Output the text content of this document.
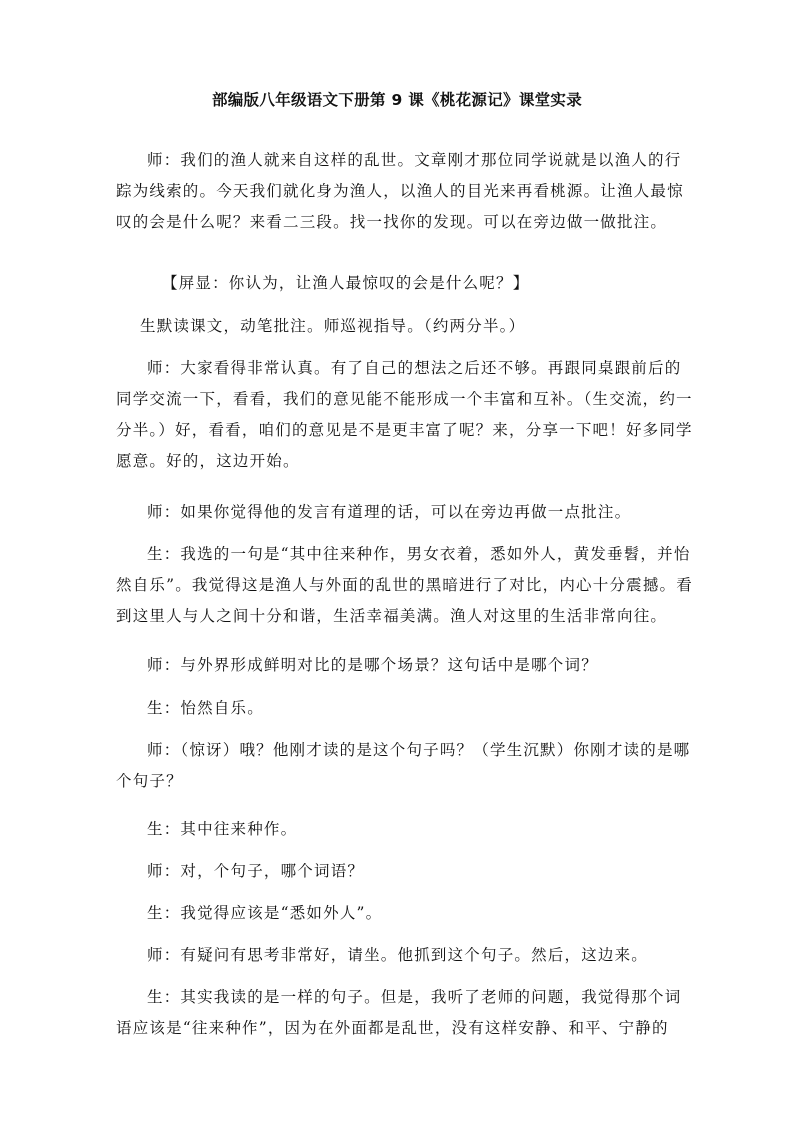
部编版八年级语文下册第 9 课《桃花源记》课堂实录

师：我们的渔人就来自这样的乱世。文章刚才那位同学说就是以渔人的行踪为线索的。今天我们就化身为渔人，以渔人的目光来再看桃源。让渔人最惊叹的会是什么呢？来看二三段。找一找你的发现。可以在旁边做一做批注。

【屏显：你认为，让渔人最惊叹的会是什么呢？】

生默读课文，动笔批注。师巡视指导。（约两分半。）

师：大家看得非常认真。有了自己的想法之后还不够。再跟同桌跟前后的同学交流一下，看看，我们的意见能不能形成一个丰富和互补。（生交流，约一分半。）好，看看，咱们的意见是不是更丰富了呢？来，分享一下吧！好多同学愿意。好的，这边开始。

师：如果你觉得他的发言有道理的话，可以在旁边再做一点批注。

生：我选的一句是“其中往来种作，男女衣着，悉如外人，黄发垂髫，并怡然自乐”。我觉得这是渔人与外面的乱世的黑暗进行了对比，内心十分震撼。看到这里人与人之间十分和谐，生活幸福美满。渔人对这里的生活非常向往。

师：与外界形成鲜明对比的是哪个场景？这句话中是哪个词？

生：怡然自乐。

师：（惊讶）哦？他刚才读的是这个句子吗？（学生沉默）你刚才读的是哪个句子？

生：其中往来种作。

师：对，个句子，哪个词语？

生：我觉得应该是“悉如外人”。

师：有疑问有思考非常好，请坐。他抓到这个句子。然后，这边来。

生：其实我读的是一样的句子。但是，我听了老师的问题，我觉得那个词语应该是“往来种作”，因为在外面都是乱世，没有这样安静、和平、宁静的
